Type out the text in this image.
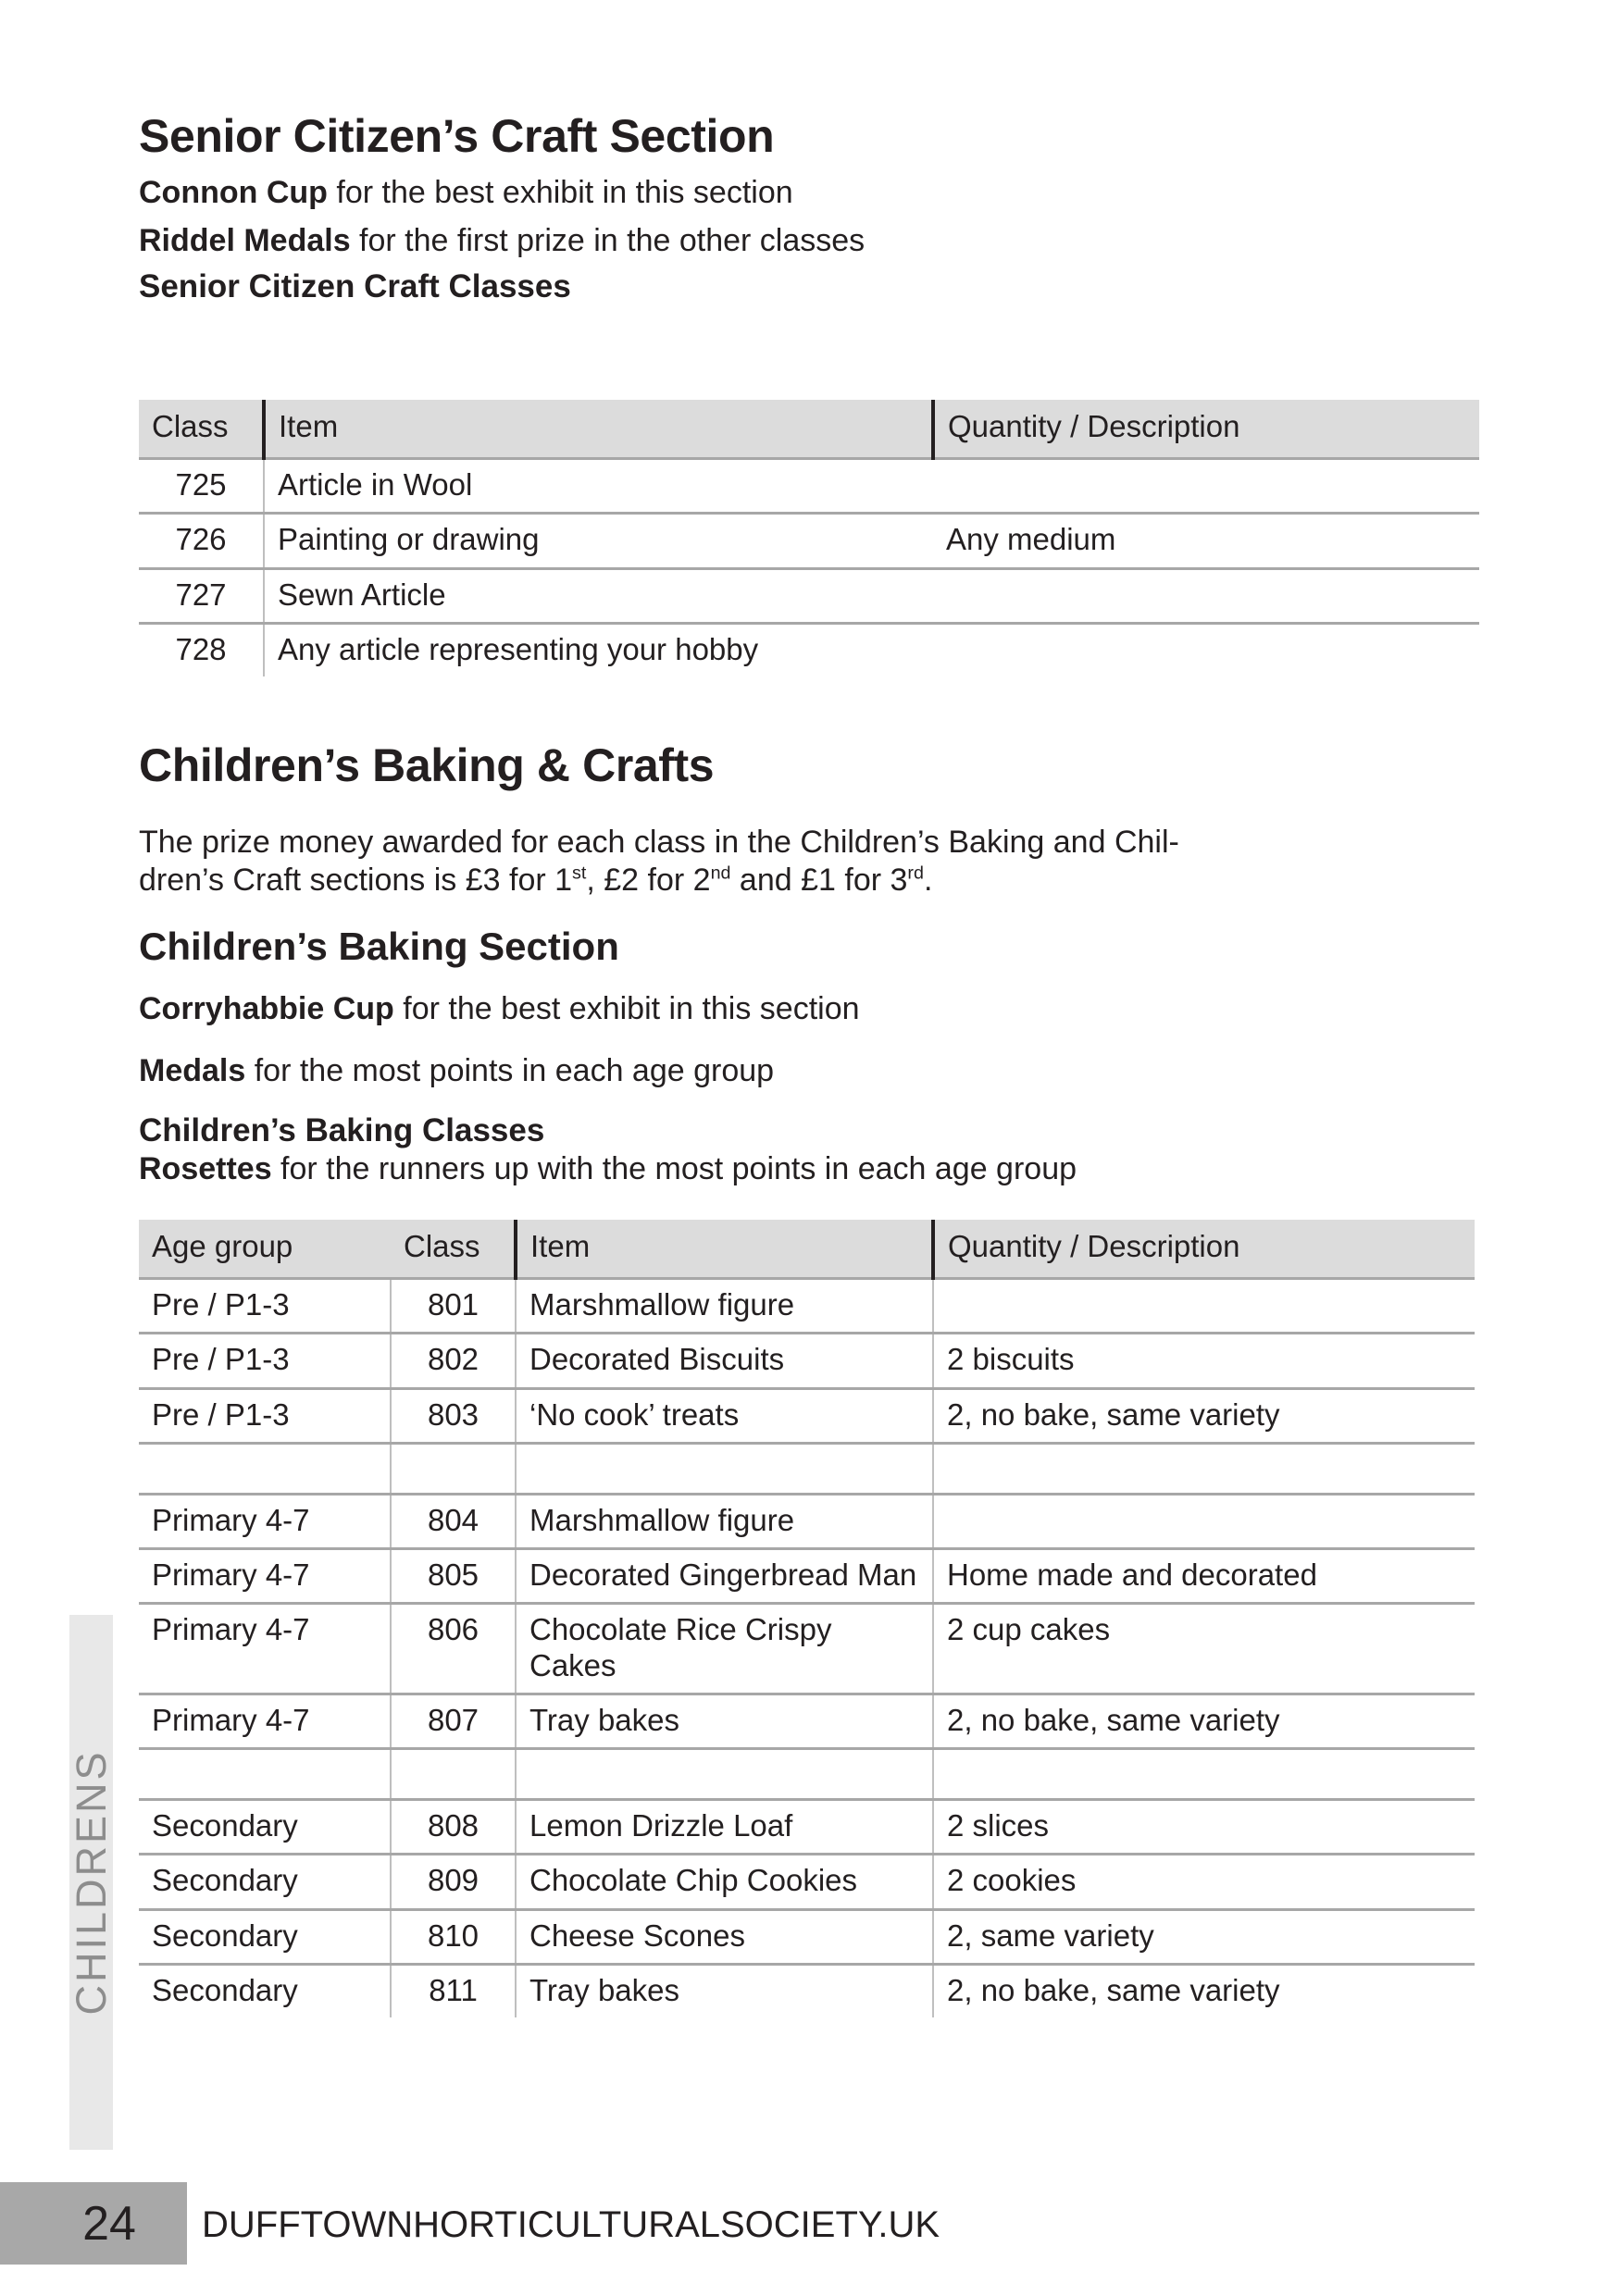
Senior Citizen’s Craft Section

Connon Cup for the best exhibit in this section

Riddel Medals for the first prize in the other classes

Senior Citizen Craft Classes
Class	Item	Quantity / Description
725	Article in Wool	
726	Painting or drawing	Any medium
727	Sewn Article	
728	Any article representing your hobby	
Children’s Baking & Crafts

The prize money awarded for each class in the Children’s Baking and Chil-
dren’s Craft sections is £3 for 1st, £2 for 2nd and £1 for 3rd.

Children’s Baking Section

Corryhabbie Cup for the best exhibit in this section

Medals for the most points in each age group

Children’s Baking Classes

Rosettes for the runners up with the most points in each age group

Age group	Class	Item	Quantity / Description
Pre / P1-3	801	Marshmallow figure	
Pre / P1-3	802	Decorated Biscuits	2 biscuits
Pre / P1-3	803	‘No cook’ treats	2, no bake, same variety

Primary 4-7	804	Marshmallow figure	
Primary 4-7	805	Decorated Gingerbread Man	Home made and decorated
Primary 4-7	806	Chocolate Rice Crispy Cakes	2 cup cakes
Primary 4-7	807	Tray bakes	2, no bake, same variety

Secondary	808	Lemon Drizzle Loaf	2 slices
Secondary	809	Chocolate Chip Cookies	2 cookies
Secondary	810	Cheese Scones	2, same variety
Secondary	811	Tray bakes	2, no bake, same variety
CHILDRENS
24	DUFFTOWNHORTICULTURALSOCIETY.UK
